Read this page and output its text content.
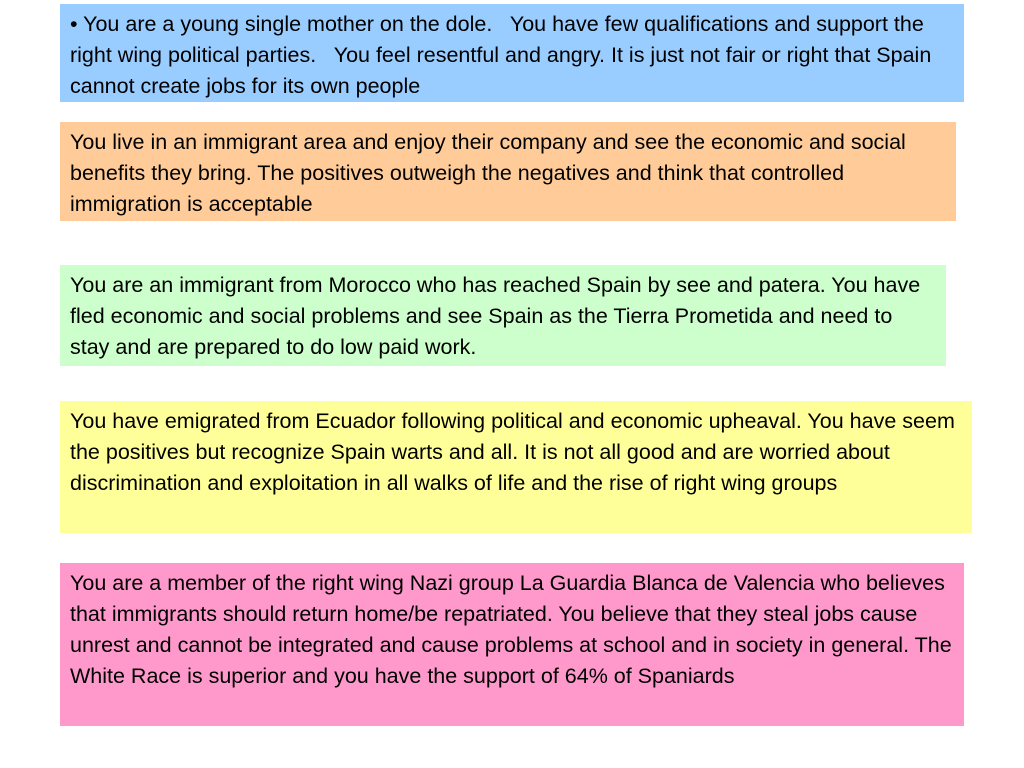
• You are a young single mother on the dole.   You have few qualifications and support the right wing political parties.   You feel resentful and angry. It is just not fair or right that Spain cannot create jobs for its own people
You live in an immigrant area and enjoy their company and see the economic and social benefits they bring. The positives outweigh the negatives and think that controlled immigration is acceptable
You are an immigrant from Morocco who has reached Spain by see and patera. You have fled economic and social problems and see Spain as the Tierra Prometida and need to stay and are prepared to do low paid work.
You have emigrated from Ecuador following political and economic upheaval. You have seem the positives but recognize Spain warts and all. It is not all good and are worried about discrimination and exploitation in all walks of life and the rise of right wing groups
You are a member of the right wing Nazi group La Guardia Blanca de Valencia who believes that immigrants should return home/be repatriated. You believe that they steal jobs cause unrest and cannot be integrated and cause problems at school and in society in general. The White Race is superior and you have the support of 64% of Spaniards
